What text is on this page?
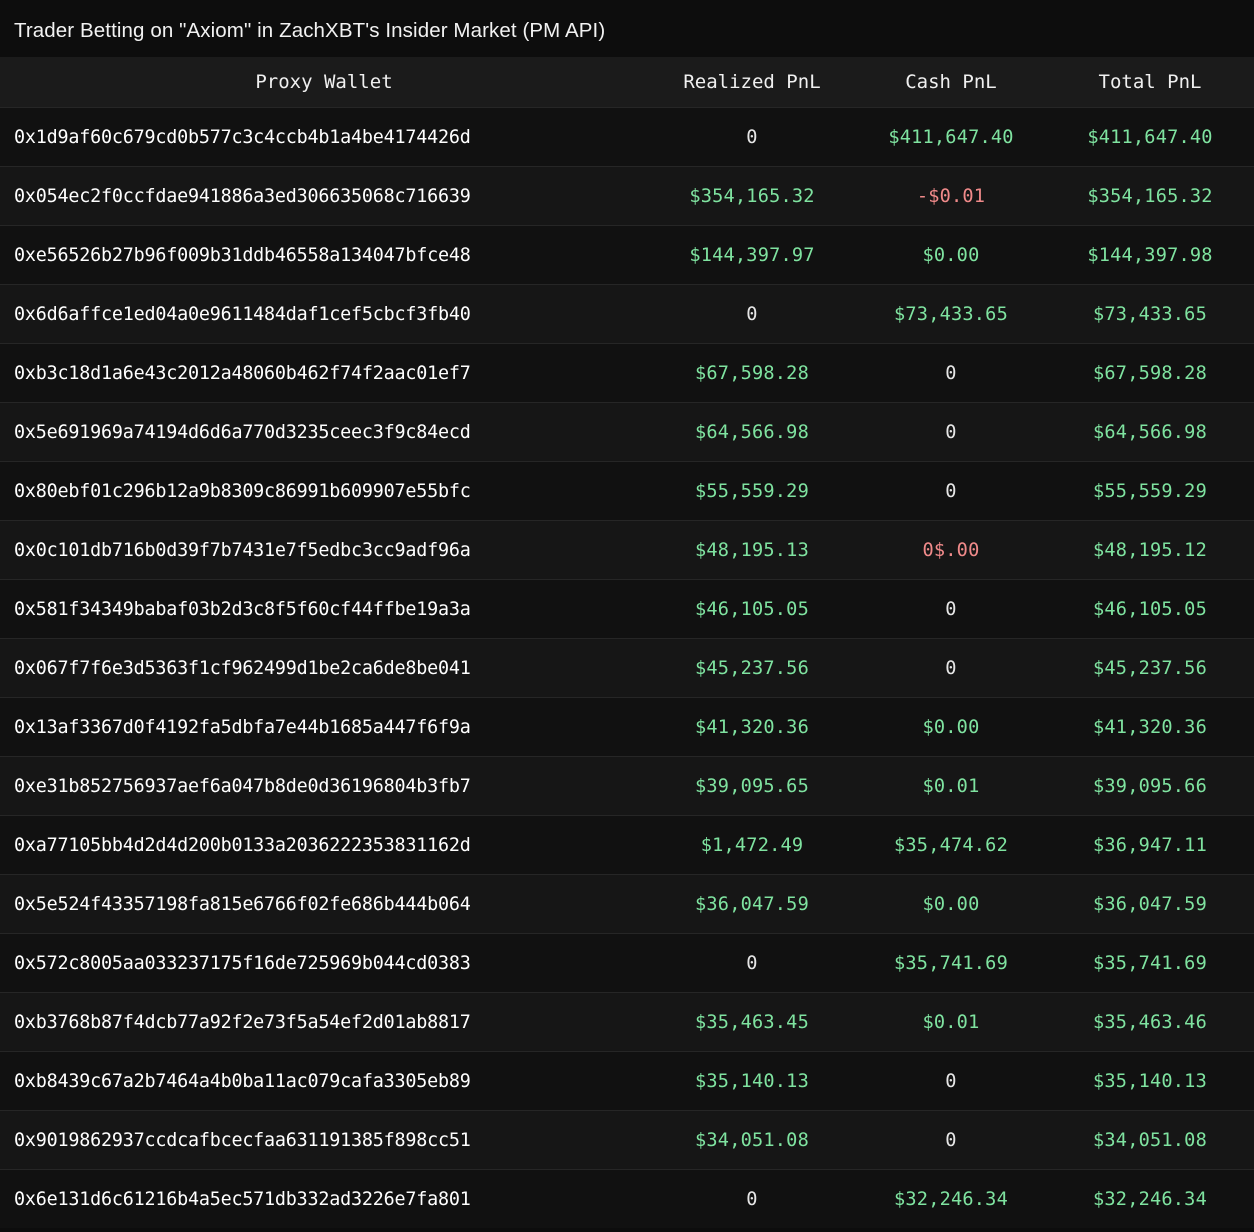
Trader Betting on "Axiom" in ZachXBT's Insider Market (PM API)
Proxy Wallet	Realized PnL	Cash PnL	Total PnL
0x1d9af60c679cd0b577c3c4ccb4b1a4be4174426d	0	$411,647.40	$411,647.40
0x054ec2f0ccfdae941886a3ed306635068c716639	$354,165.32	-$0.01	$354,165.32
0xe56526b27b96f009b31ddb46558a134047bfce48	$144,397.97	$0.00	$144,397.98
0x6d6affce1ed04a0e9611484daf1cef5cbcf3fb40	0	$73,433.65	$73,433.65
0xb3c18d1a6e43c2012a48060b462f74f2aac01ef7	$67,598.28	0	$67,598.28
0x5e691969a74194d6d6a770d3235ceec3f9c84ecd	$64,566.98	0	$64,566.98
0x80ebf01c296b12a9b8309c86991b609907e55bfc	$55,559.29	0	$55,559.29
0x0c101db716b0d39f7b7431e7f5edbc3cc9adf96a	$48,195.13	0$.00	$48,195.12
0x581f34349babaf03b2d3c8f5f60cf44ffbe19a3a	$46,105.05	0	$46,105.05
0x067f7f6e3d5363f1cf962499d1be2ca6de8be041	$45,237.56	0	$45,237.56
0x13af3367d0f4192fa5dbfa7e44b1685a447f6f9a	$41,320.36	$0.00	$41,320.36
0xe31b852756937aef6a047b8de0d36196804b3fb7	$39,095.65	$0.01	$39,095.66
0xa77105bb4d2d4d200b0133a2036222353831162d	$1,472.49	$35,474.62	$36,947.11
0x5e524f43357198fa815e6766f02fe686b444b064	$36,047.59	$0.00	$36,047.59
0x572c8005aa033237175f16de725969b044cd0383	0	$35,741.69	$35,741.69
0xb3768b87f4dcb77a92f2e73f5a54ef2d01ab8817	$35,463.45	$0.01	$35,463.46
0xb8439c67a2b7464a4b0ba11ac079cafa3305eb89	$35,140.13	0	$35,140.13
0x9019862937ccdcafbcecfaa631191385f898cc51	$34,051.08	0	$34,051.08
0x6e131d6c61216b4a5ec571db332ad3226e7fa801	0	$32,246.34	$32,246.34
